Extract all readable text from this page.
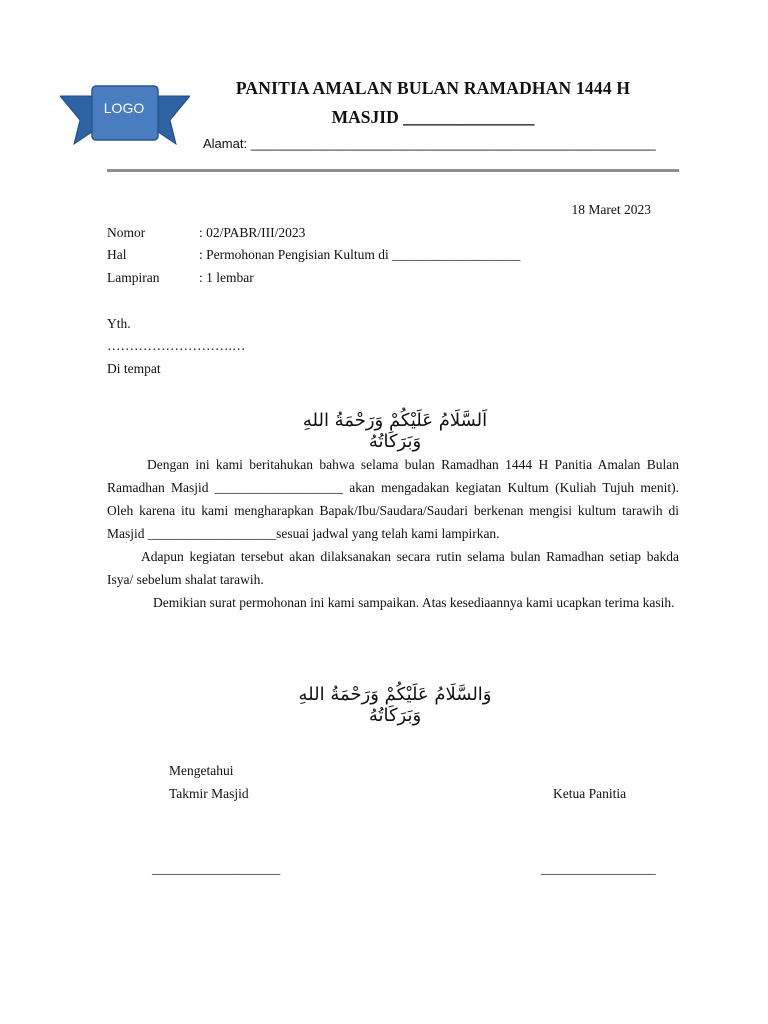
LOGO
PANITIA AMALAN BULAN RAMADHAN 1444 H
MASJID _______________
Alamat: ________________________________________________________
18 Maret 2023
Nomor	: 02/PABR/III/2023
Hal	: Permohonan Pengisian Kultum di ___________________
Lampiran	: 1 lembar
Yth.
……………………….…
Di tempat
اَلسَّلَامُ عَلَيْكُمْ وَرَحْمَةُ اللهِ وَبَرَكَاتُهُ

Dengan ini kami beritahukan bahwa selama bulan Ramadhan 1444 H Panitia Amalan Bulan Ramadhan Masjid ___________________ akan mengadakan kegiatan Kultum (Kuliah Tujuh menit). Oleh karena itu kami mengharapkan Bapak/Ibu/Saudara/Saudari berkenan mengisi kultum tarawih di Masjid ___________________sesuai jadwal yang telah kami lampirkan.

Adapun kegiatan tersebut akan dilaksanakan secara rutin selama bulan Ramadhan setiap bakda Isya/ sebelum shalat tarawih.

Demikian surat permohonan ini kami sampaikan. Atas kesediaannya kami ucapkan terima kasih.

وَالسَّلَامُ عَلَيْكُمْ وَرَحْمَةُ اللهِ وَبَرَكَاتُهُ
Mengetahui
Takmir Masjid	Ketua Panitia
___________________	_________________
